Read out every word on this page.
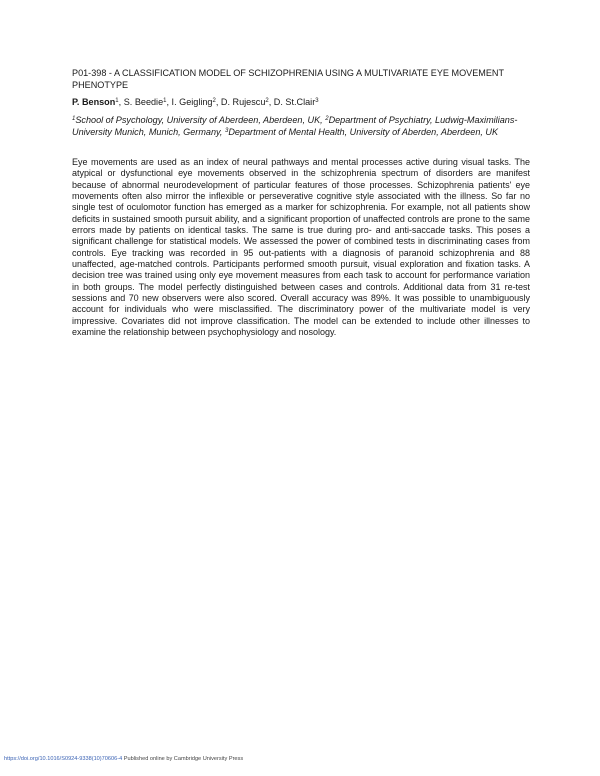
P01-398 - A CLASSIFICATION MODEL OF SCHIZOPHRENIA USING A MULTIVARIATE EYE MOVEMENT PHENOTYPE
P. Benson$^1$, S. Beedie$^1$, I. Geigling$^2$, D. Rujescu$^2$, D. St.Clair$^3$
$^1$School of Psychology, University of Aberdeen, Aberdeen, UK, $^2$Department of Psychiatry, Ludwig-Maximilians-University Munich, Munich, Germany, $^3$Department of Mental Health, University of Aberden, Aberdeen, UK
Eye movements are used as an index of neural pathways and mental processes active during visual tasks. The atypical or dysfunctional eye movements observed in the schizophrenia spectrum of disorders are manifest because of abnormal neurodevelopment of particular features of those processes. Schizophrenia patients' eye movements often also mirror the inflexible or perseverative cognitive style associated with the illness. So far no single test of oculomotor function has emerged as a marker for schizophrenia. For example, not all patients show deficits in sustained smooth pursuit ability, and a significant proportion of unaffected controls are prone to the same errors made by patients on identical tasks. The same is true during pro- and anti-saccade tasks. This poses a significant challenge for statistical models. We assessed the power of combined tests in discriminating cases from controls. Eye tracking was recorded in 95 out-patients with a diagnosis of paranoid schizophrenia and 88 unaffected, age-matched controls. Participants performed smooth pursuit, visual exploration and fixation tasks. A decision tree was trained using only eye movement measures from each task to account for performance variation in both groups. The model perfectly distinguished between cases and controls. Additional data from 31 re-test sessions and 70 new observers were also scored. Overall accuracy was 89%. It was possible to unambiguously account for individuals who were misclassified. The discriminatory power of the multivariate model is very impressive. Covariates did not improve classification. The model can be extended to include other illnesses to examine the relationship between psychophysiology and nosology.
https://doi.org/10.1016/S0924-9338(10)70606-4 Published online by Cambridge University Press
